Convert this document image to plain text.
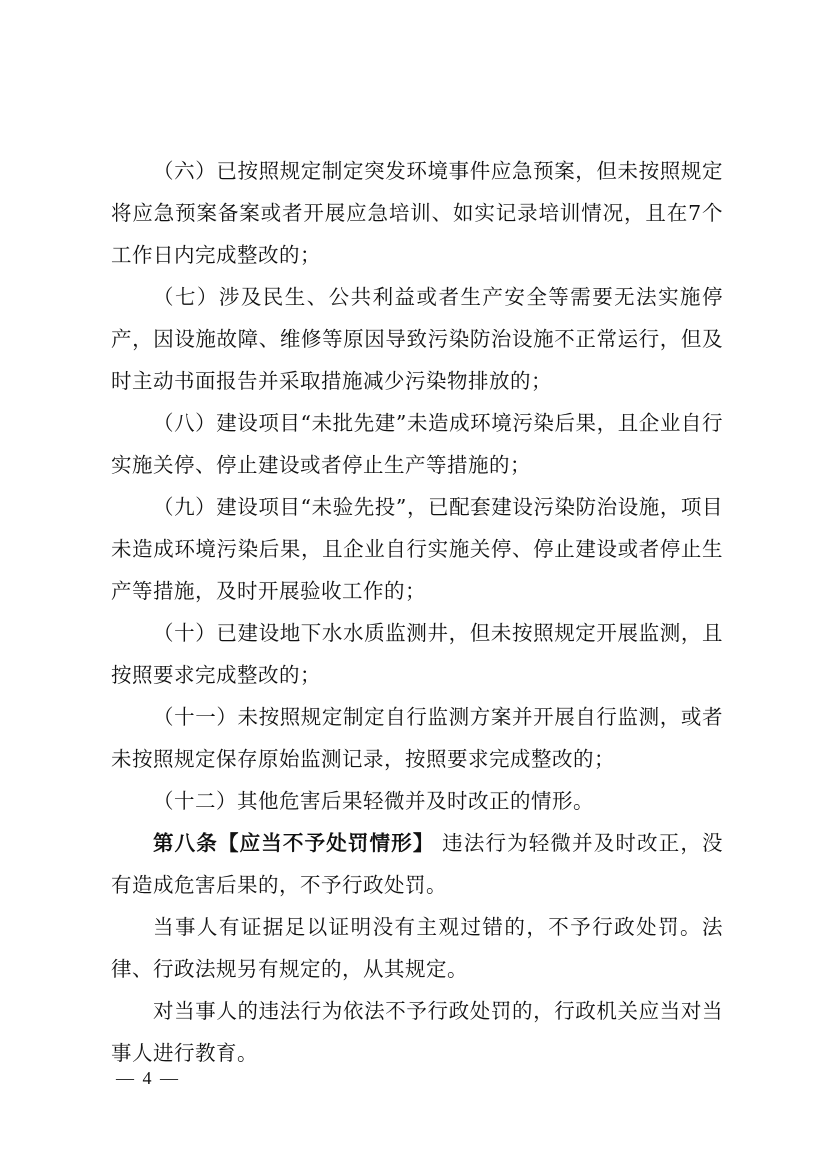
（六）已按照规定制定突发环境事件应急预案，但未按照规定将应急预案备案或者开展应急培训、如实记录培训情况，且在7个工作日内完成整改的；

（七）涉及民生、公共利益或者生产安全等需要无法实施停产，因设施故障、维修等原因导致污染防治设施不正常运行，但及时主动书面报告并采取措施减少污染物排放的；

（八）建设项目“未批先建”未造成环境污染后果，且企业自行实施关停、停止建设或者停止生产等措施的；

（九）建设项目“未验先投”，已配套建设污染防治设施，项目未造成环境污染后果，且企业自行实施关停、停止建设或者停止生产等措施，及时开展验收工作的；

（十）已建设地下水水质监测井，但未按照规定开展监测，且按照要求完成整改的；

（十一）未按照规定制定自行监测方案并开展自行监测，或者未按照规定保存原始监测记录，按照要求完成整改的；

（十二）其他危害后果轻微并及时改正的情形。

第八条【应当不予处罚情形】 违法行为轻微并及时改正，没有造成危害后果的，不予行政处罚。

当事人有证据足以证明没有主观过错的，不予行政处罚。法律、行政法规另有规定的，从其规定。

对当事人的违法行为依法不予行政处罚的，行政机关应当对当事人进行教育。

— 4 —
